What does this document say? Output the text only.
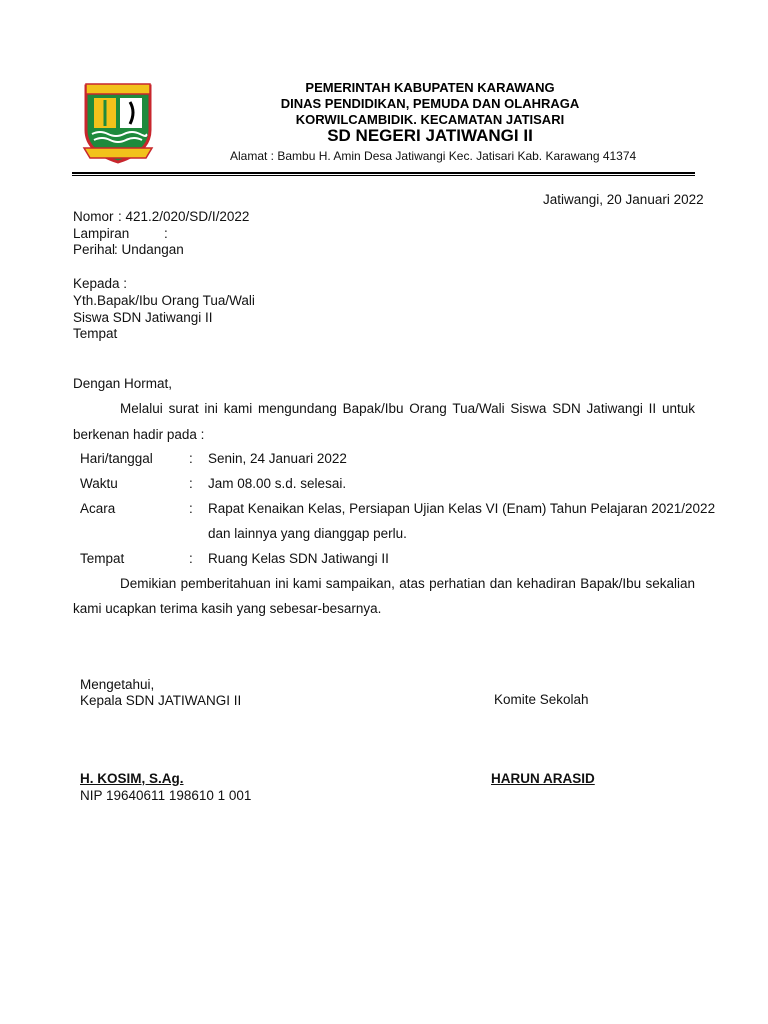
PEMERINTAH KABUPATEN KARAWANG
DINAS PENDIDIKAN, PEMUDA DAN OLAHRAGA
KORWILCAMBIDIK. KECAMATAN JATISARI
SD NEGERI JATIWANGI II
Alamat : Bambu H. Amin Desa Jatiwangi Kec. Jatisari Kab. Karawang 41374
Jatiwangi, 20 Januari 2022
Nomor : 421.2/020/SD/I/2022
Lampiran	:
Perihal
: Undangan
Kepada :
Yth.Bapak/Ibu Orang Tua/Wali
Siswa SDN Jatiwangi II
Tempat
Dengan Hormat,
Melalui surat ini kami mengundang Bapak/Ibu Orang Tua/Wali Siswa SDN Jatiwangi II untuk
berkenan hadir pada :
Hari/tanggal	: Senin, 24 Januari 2022
Waktu	: Jam 08.00 s.d. selesai.
Acara	: Rapat Kenaikan Kelas, Persiapan Ujian Kelas VI (Enam) Tahun Pelajaran 2021/2022
dan lainnya yang dianggap perlu.
Tempat	: Ruang Kelas SDN Jatiwangi II
Demikian pemberitahuan ini kami sampaikan, atas perhatian dan kehadiran Bapak/Ibu sekalian
kami ucapkan terima kasih yang sebesar-besarnya.
Mengetahui,
Kepala SDN JATIWANGI II	Komite Sekolah
H. KOSIM, S.Ag.
NIP 19640611 198610 1 001
HARUN ARASID
